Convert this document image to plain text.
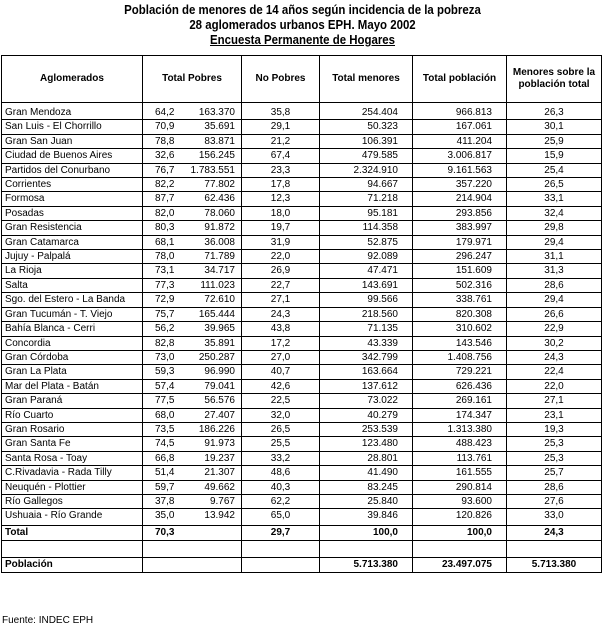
Población de menores de 14 años según incidencia de la pobreza
28 aglomerados urbanos EPH. Mayo 2002
Encuesta Permanente de Hogares
Aglomerados	Total Pobres	No Pobres	Total menores	Total población	Menores sobre la población total
Gran Mendoza	64,2 163.370	35,8	254.404	966.813	26,3
San Luis - El Chorrillo	70,9 35.691	29,1	50.323	167.061	30,1
Gran San Juan	78,8 83.871	21,2	106.391	411.204	25,9
Ciudad de Buenos Aires	32,6 156.245	67,4	479.585	3.006.817	15,9
Partidos del Conurbano	76,7 1.783.551	23,3	2.324.910	9.161.563	25,4
Corrientes	82,2 77.802	17,8	94.667	357.220	26,5
Formosa	87,7 62.436	12,3	71.218	214.904	33,1
Posadas	82,0 78.060	18,0	95.181	293.856	32,4
Gran Resistencia	80,3 91.872	19,7	114.358	383.997	29,8
Gran Catamarca	68,1 36.008	31,9	52.875	179.971	29,4
Jujuy - Palpalá	78,0 71.789	22,0	92.089	296.247	31,1
La Rioja	73,1 34.717	26,9	47.471	151.609	31,3
Salta	77,3 111.023	22,7	143.691	502.316	28,6
Sgo. del Estero - La Banda	72,9 72.610	27,1	99.566	338.761	29,4
Gran Tucumán - T. Viejo	75,7 165.444	24,3	218.560	820.308	26,6
Bahía Blanca - Cerri	56,2 39.965	43,8	71.135	310.602	22,9
Concordia	82,8 35.891	17,2	43.339	143.546	30,2
Gran Córdoba	73,0 250.287	27,0	342.799	1.408.756	24,3
Gran La Plata	59,3 96.990	40,7	163.664	729.221	22,4
Mar del Plata - Batán	57,4 79.041	42,6	137.612	626.436	22,0
Gran Paraná	77,5 56.576	22,5	73.022	269.161	27,1
Río Cuarto	68,0 27.407	32,0	40.279	174.347	23,1
Gran Rosario	73,5 186.226	26,5	253.539	1.313.380	19,3
Gran Santa Fe	74,5 91.973	25,5	123.480	488.423	25,3
Santa Rosa - Toay	66,8 19.237	33,2	28.801	113.761	25,3
C.Rivadavia - Rada Tilly	51,4 21.307	48,6	41.490	161.555	25,7
Neuquén - Plottier	59,7 49.662	40,3	83.245	290.814	28,6
Río Gallegos	37,8 9.767	62,2	25.840	93.600	27,6
Ushuaia - Río Grande	35,0 13.942	65,0	39.846	120.826	33,0
Total	70,3	29,7	100,0	100,0	24,3

Población			5.713.380	23.497.075	5.713.380
Fuente: INDEC EPH
